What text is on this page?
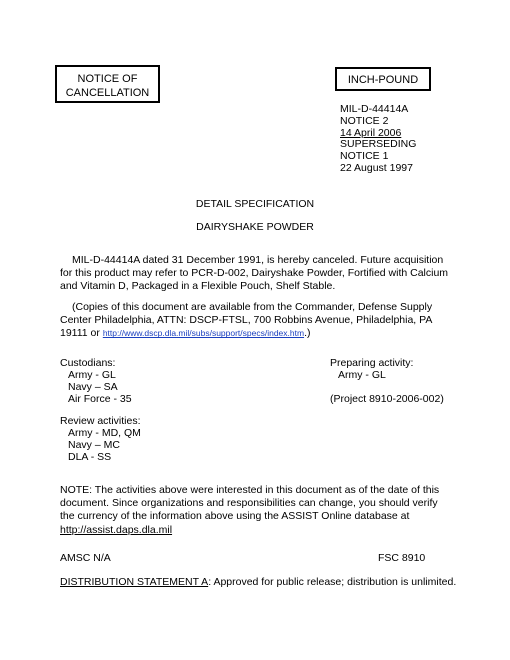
NOTICE OF
CANCELLATION
INCH-POUND
MIL-D-44414A
NOTICE 2
14 April 2006
SUPERSEDING
NOTICE 1
22 August 1997
DETAIL SPECIFICATION
DAIRYSHAKE POWDER
MIL-D-44414A dated 31 December 1991, is hereby canceled. Future acquisition for this product may refer to PCR-D-002, Dairyshake Powder, Fortified with Calcium and Vitamin D, Packaged in a Flexible Pouch, Shelf Stable.
(Copies of this document are available from the Commander, Defense Supply Center Philadelphia, ATTN: DSCP-FTSL, 700 Robbins Avenue, Philadelphia, PA 19111 or http://www.dscp.dla.mil/subs/support/specs/index.htm.)
Custodians:
Army - GL
Navy – SA
Air Force - 35
Preparing activity:
Army - GL
(Project 8910-2006-002)
Review activities:
Army - MD, QM
Navy – MC
DLA - SS
NOTE: The activities above were interested in this document as of the date of this document. Since organizations and responsibilities can change, you should verify the currency of the information above using the ASSIST Online database at http://assist.daps.dla.mil
AMSC N/A	FSC 8910
DISTRIBUTION STATEMENT A: Approved for public release; distribution is unlimited.
